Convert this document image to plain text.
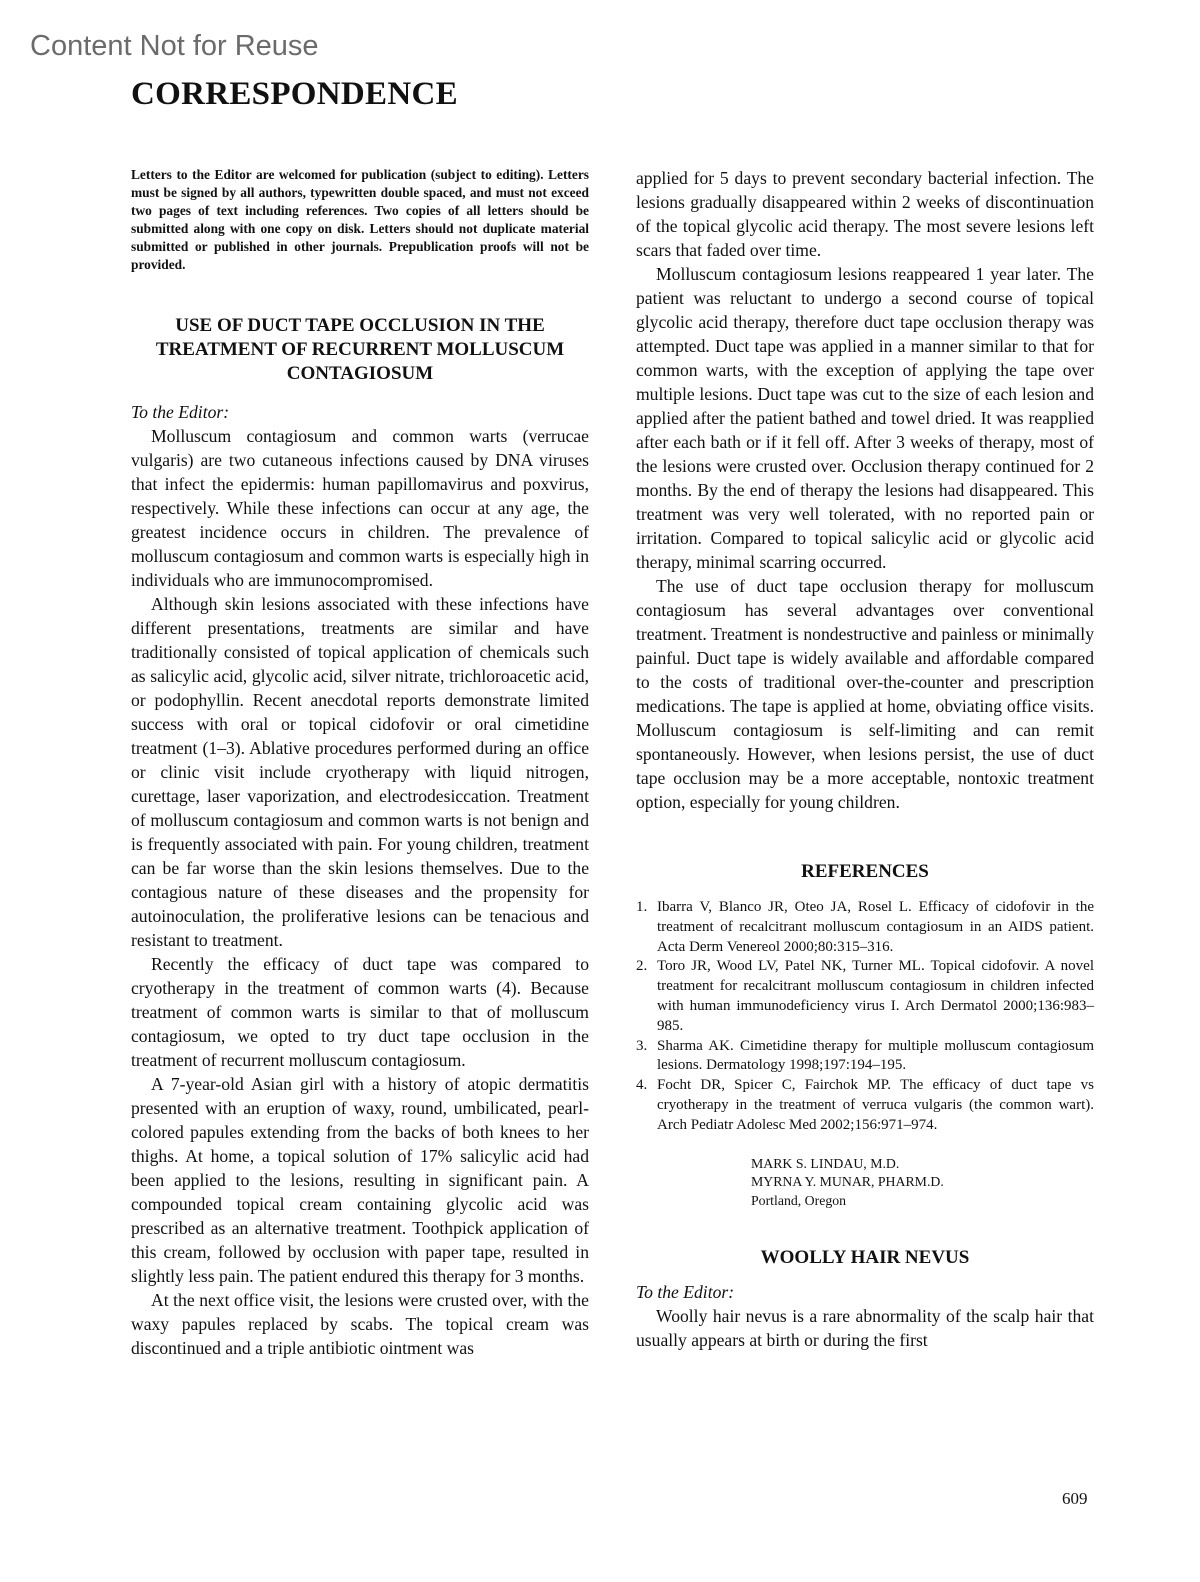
Content Not for Reuse
CORRESPONDENCE

Letters to the Editor are welcomed for publication (subject to editing). Letters must be signed by all authors, typewritten double spaced, and must not exceed two pages of text including references. Two copies of all letters should be submitted along with one copy on disk. Letters should not duplicate material submitted or published in other journals. Prepublication proofs will not be provided.

USE OF DUCT TAPE OCCLUSION IN THE TREATMENT OF RECURRENT MOLLUSCUM CONTAGIOSUM

To the Editor:

Molluscum contagiosum and common warts (verrucae vulgaris) are two cutaneous infections caused by DNA viruses that infect the epidermis: human papillomavirus and poxvirus, respectively. While these infections can occur at any age, the greatest incidence occurs in children. The prevalence of molluscum contagiosum and common warts is especially high in individuals who are immunocompromised.

Although skin lesions associated with these infections have different presentations, treatments are similar and have traditionally consisted of topical application of chemicals such as salicylic acid, glycolic acid, silver nitrate, trichloroacetic acid, or podophyllin. Recent anecdotal reports demonstrate limited success with oral or topical cidofovir or oral cimetidine treatment (1–3). Ablative procedures performed during an office or clinic visit include cryotherapy with liquid nitrogen, curettage, laser vaporization, and electrodesiccation. Treatment of molluscum contagiosum and common warts is not benign and is frequently associated with pain. For young children, treatment can be far worse than the skin lesions themselves. Due to the contagious nature of these diseases and the propensity for autoinoculation, the proliferative lesions can be tenacious and resistant to treatment.

Recently the efficacy of duct tape was compared to cryotherapy in the treatment of common warts (4). Because treatment of common warts is similar to that of molluscum contagiosum, we opted to try duct tape occlusion in the treatment of recurrent molluscum contagiosum.

A 7-year-old Asian girl with a history of atopic dermatitis presented with an eruption of waxy, round, umbilicated, pearl-colored papules extending from the backs of both knees to her thighs. At home, a topical solution of 17% salicylic acid had been applied to the lesions, resulting in significant pain. A compounded topical cream containing glycolic acid was prescribed as an alternative treatment. Toothpick application of this cream, followed by occlusion with paper tape, resulted in slightly less pain. The patient endured this therapy for 3 months.

At the next office visit, the lesions were crusted over, with the waxy papules replaced by scabs. The topical cream was discontinued and a triple antibiotic ointment was

applied for 5 days to prevent secondary bacterial infection. The lesions gradually disappeared within 2 weeks of discontinuation of the topical glycolic acid therapy. The most severe lesions left scars that faded over time.

Molluscum contagiosum lesions reappeared 1 year later. The patient was reluctant to undergo a second course of topical glycolic acid therapy, therefore duct tape occlusion therapy was attempted. Duct tape was applied in a manner similar to that for common warts, with the exception of applying the tape over multiple lesions. Duct tape was cut to the size of each lesion and applied after the patient bathed and towel dried. It was reapplied after each bath or if it fell off. After 3 weeks of therapy, most of the lesions were crusted over. Occlusion therapy continued for 2 months. By the end of therapy the lesions had disappeared. This treatment was very well tolerated, with no reported pain or irritation. Compared to topical salicylic acid or glycolic acid therapy, minimal scarring occurred.

The use of duct tape occlusion therapy for molluscum contagiosum has several advantages over conventional treatment. Treatment is nondestructive and painless or minimally painful. Duct tape is widely available and affordable compared to the costs of traditional over-the-counter and prescription medications. The tape is applied at home, obviating office visits. Molluscum contagiosum is self-limiting and can remit spontaneously. However, when lesions persist, the use of duct tape occlusion may be a more acceptable, nontoxic treatment option, especially for young children.

REFERENCES

1. Ibarra V, Blanco JR, Oteo JA, Rosel L. Efficacy of cidofovir in the treatment of recalcitrant molluscum contagiosum in an AIDS patient. Acta Derm Venereol 2000;80:315–316.
2. Toro JR, Wood LV, Patel NK, Turner ML. Topical cidofovir. A novel treatment for recalcitrant molluscum contagiosum in children infected with human immunodeficiency virus I. Arch Dermatol 2000;136:983–985.
3. Sharma AK. Cimetidine therapy for multiple molluscum contagiosum lesions. Dermatology 1998;197:194–195.
4. Focht DR, Spicer C, Fairchok MP. The efficacy of duct tape vs cryotherapy in the treatment of verruca vulgaris (the common wart). Arch Pediatr Adolesc Med 2002;156:971–974.
MARK S. LINDAU, M.D.
MYRNA Y. MUNAR, PHARM.D.
Portland, Oregon

WOOLLY HAIR NEVUS

To the Editor:

Woolly hair nevus is a rare abnormality of the scalp hair that usually appears at birth or during the first

609
